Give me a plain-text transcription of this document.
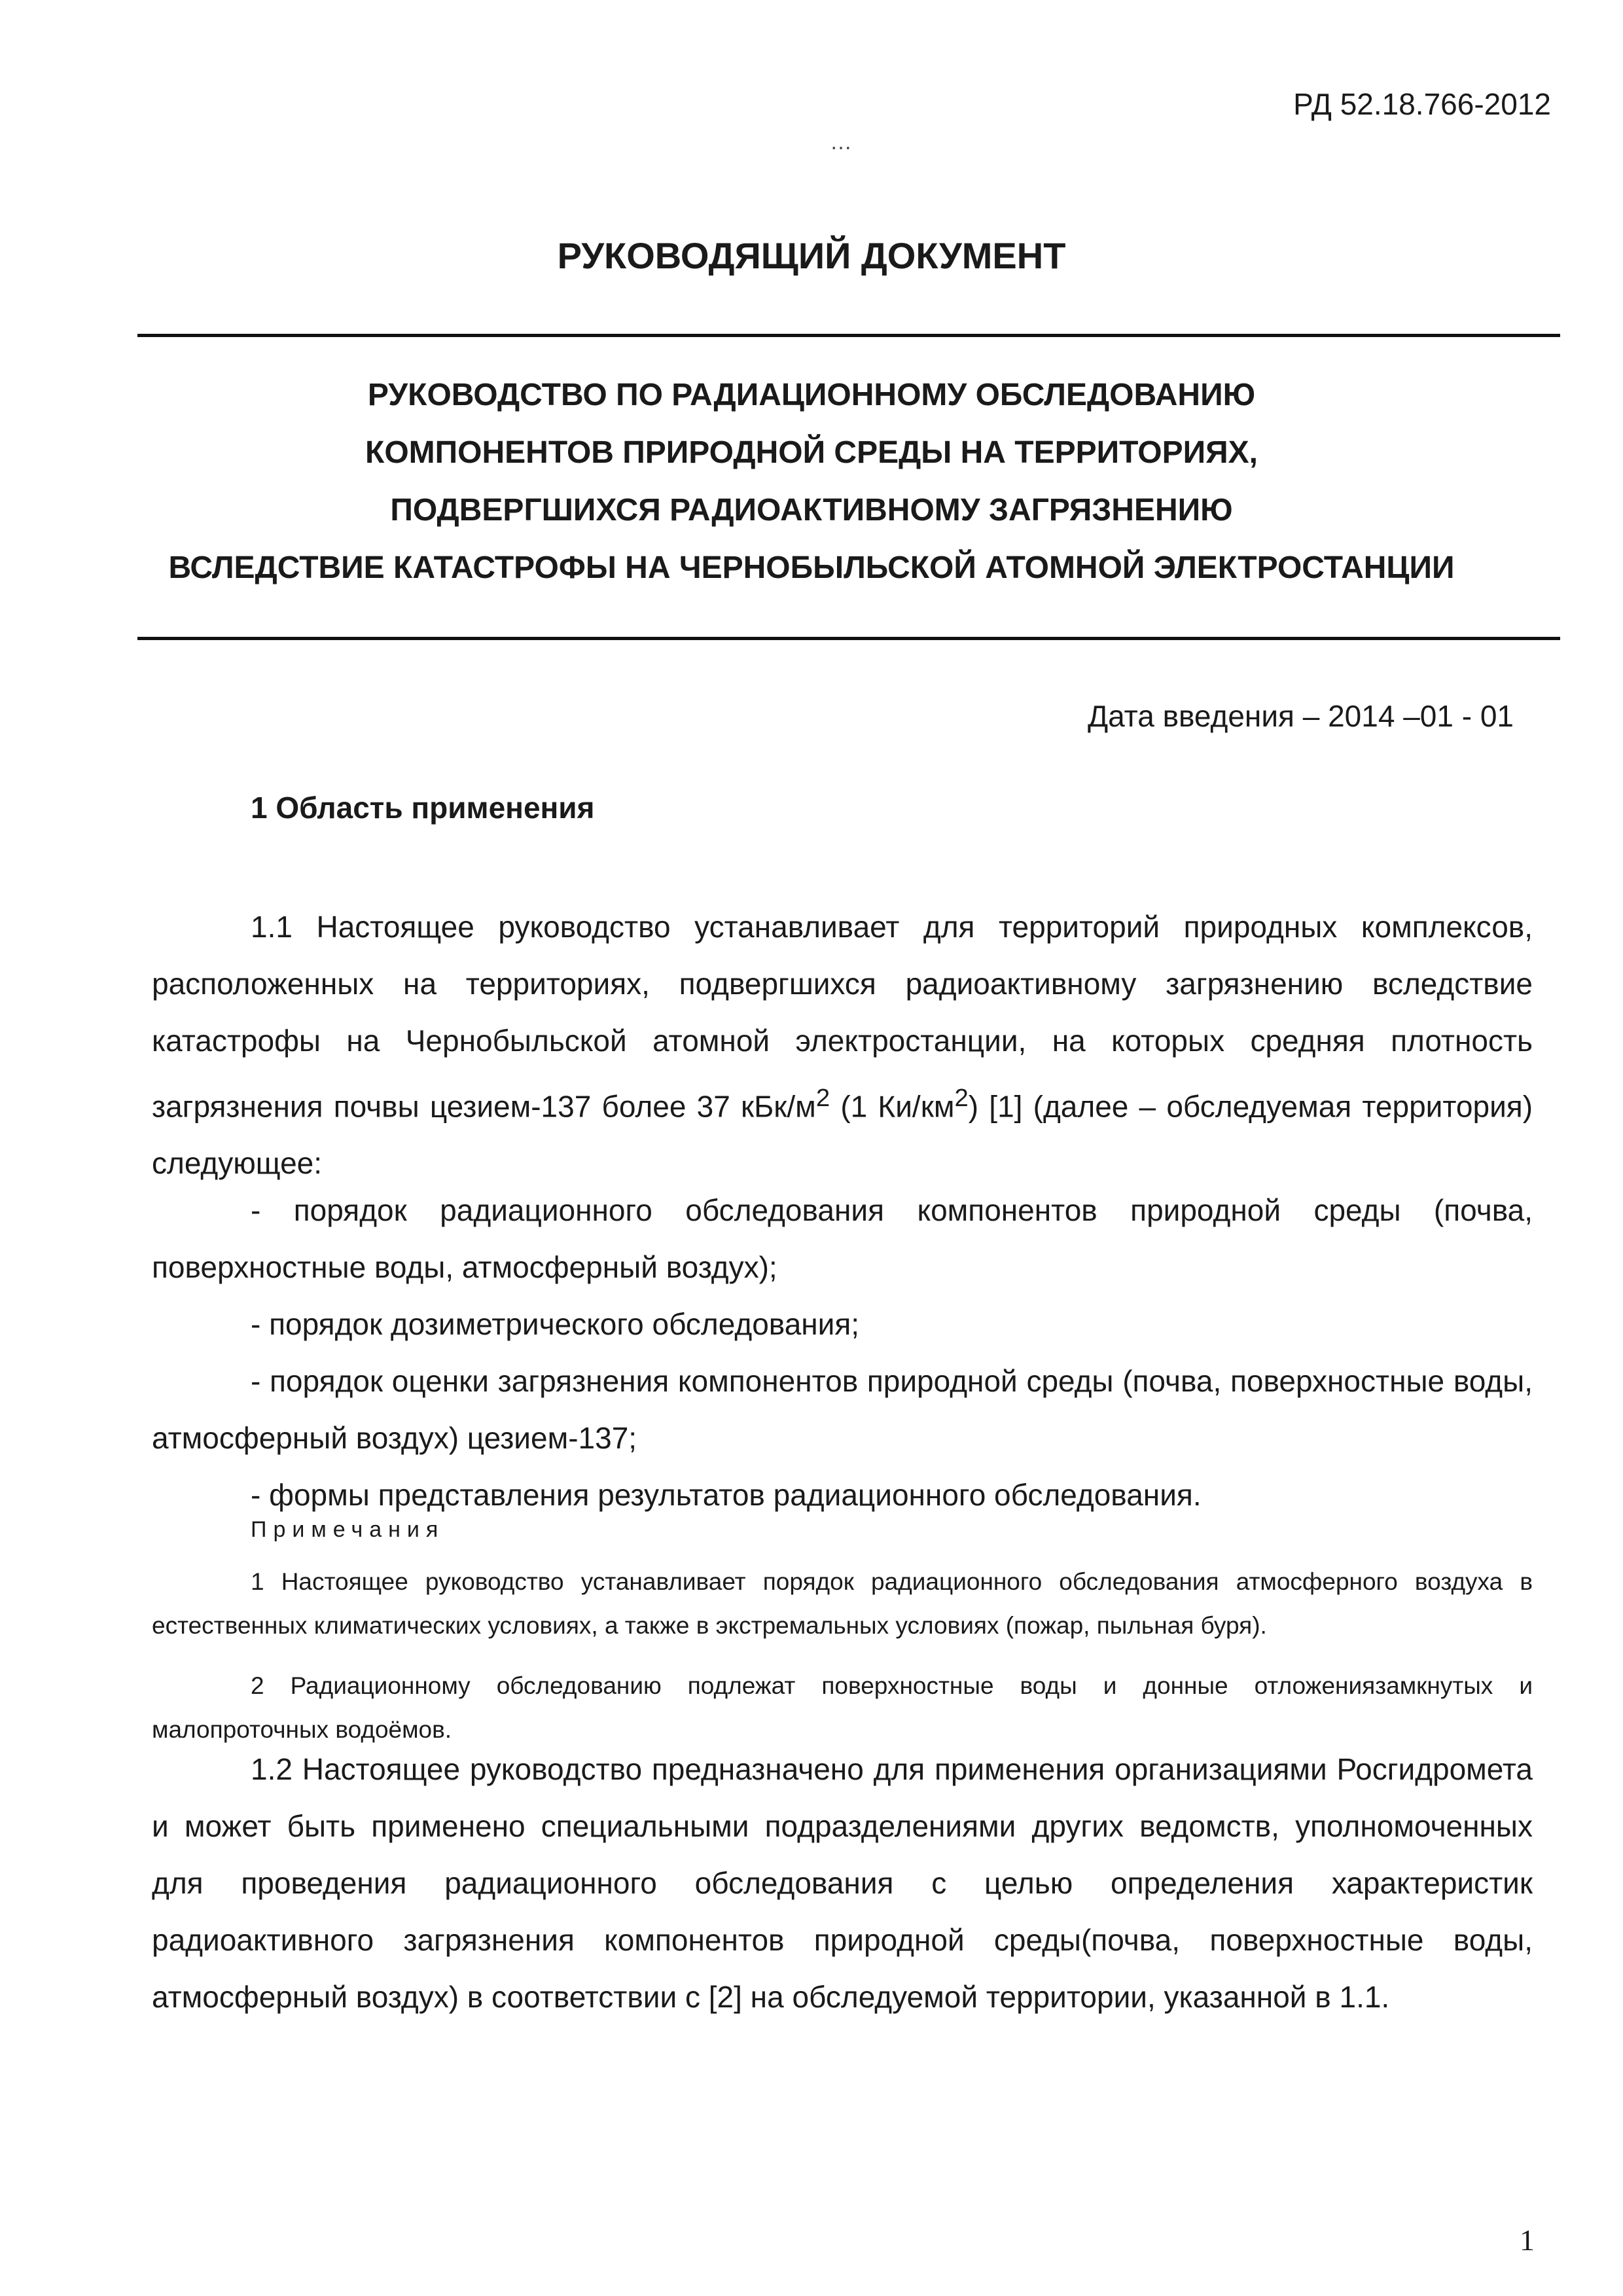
РД 52.18.766-2012
…
РУКОВОДЯЩИЙ ДОКУМЕНТ
РУКОВОДСТВО ПО РАДИАЦИОННОМУ ОБСЛЕДОВАНИЮ
КОМПОНЕНТОВ ПРИРОДНОЙ СРЕДЫ НА ТЕРРИТОРИЯХ,
ПОДВЕРГШИХСЯ РАДИОАКТИВНОМУ ЗАГРЯЗНЕНИЮ
ВСЛЕДСТВИЕ КАТАСТРОФЫ НА ЧЕРНОБЫЛЬСКОЙ АТОМНОЙ ЭЛЕКТРОСТАНЦИИ
Дата введения – 2014 –01 - 01
1 Область применения

1.1 Настоящее руководство устанавливает для территорий природных комплексов, расположенных на территориях, подвергшихся радиоактивному загрязнению вследствие катастрофы на Чернобыльской атомной электростанции, на которых средняя плотность загрязнения почвы цезием-137 более 37 кБк/$м^2$ (1 $Ки/км^2$) [1] (далее – обследуемая территория) следующее:

- порядок радиационного обследования компонентов природной среды (почва, поверхностные воды, атмосферный воздух);

- порядок дозиметрического обследования;

- порядок оценки загрязнения компонентов природной среды (почва, поверхностные воды, атмосферный воздух) цезием-137;

- формы представления результатов радиационного обследования.

Примечания

1 Настоящее руководство устанавливает порядок радиационного обследования атмосферного воздуха в естественных климатических условиях, а также в экстремальных условиях (пожар, пыльная буря).

2 Радиационному обследованию подлежат поверхностные воды и донные отложениязамкнутых и малопроточных водоёмов.

1.2 Настоящее руководство предназначено для применения организациями Росгидромета и может быть применено специальными подразделениями других ведомств, уполномоченных для проведения радиационного обследования с целью определения характеристик радиоактивного загрязнения компонентов природной среды(почва, поверхностные воды, атмосферный воздух) в соответствии с [2] на обследуемой территории, указанной в 1.1.

1
